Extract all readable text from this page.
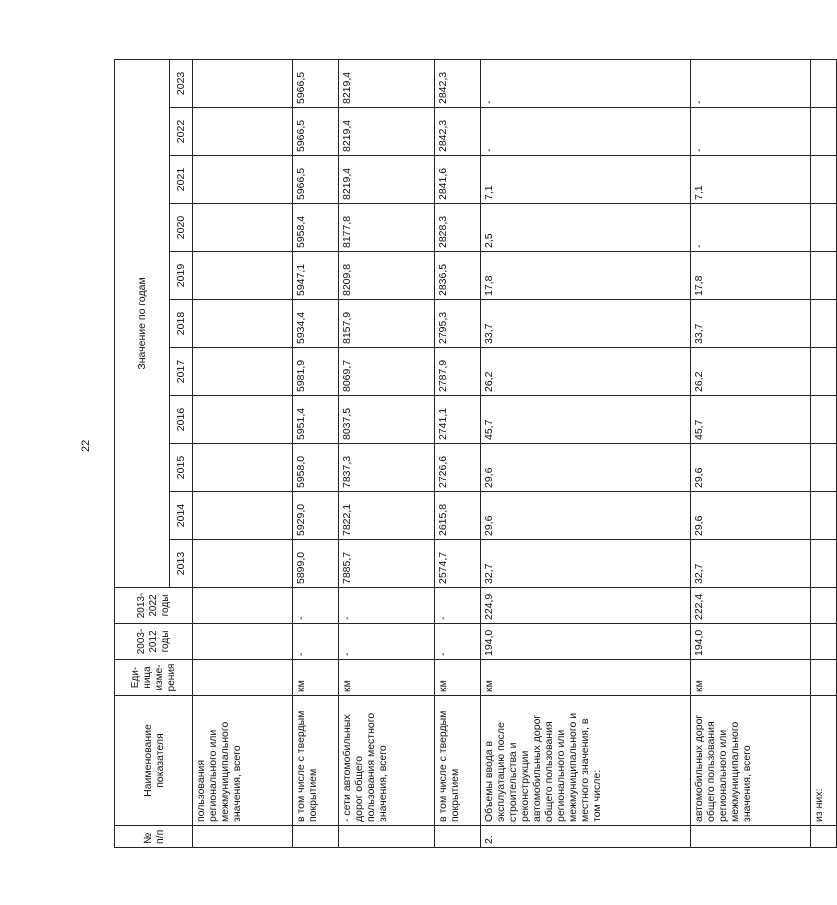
22
№ п/п	Наименование показателя	Еди-ница изме-рения	2003-2012 годы	2013-2022 годы	Значение по годам										
					2013	2014	2015	2016	2017	2018	2019	2020	2021	2022	2023
	пользования регионального или межмуниципального значения, всего														
	в том числе с твердым покрытием	км	-	-	5899,0	5929,0	5958,0	5951,4	5981,9	5934,4	5947,1	5958,4	5966,5	5966,5	5966,5
	- сети автомобильных дорог общего пользования местного значения, всего	км	-	-	7885,7	7822,1	7837,3	8037,5	8069,7	8157,9	8209,8	8177,8	8219,4	8219,4	8219,4
	в том числе с твердым покрытием	км	-	-	2574,7	2615,8	2726,6	2741,1	2787,9	2795,3	2836,5	2828,3	2841,6	2842,3	2842,3
2.	Объемы ввода в эксплуатацию после строительства и реконструкции автомобильных дорог общего пользования регионального или межмуниципального и местного значения, в том числе:	км	194,0	224,9	32,7	29,6	29,6	45,7	26,2	33,7	17,8	2,5	7,1	-	-
	автомобильных дорог общего пользования регионального или межмуниципального значения, всего	км	194,0	222,4	32,7	29,6	29,6	45,7	26,2	33,7	17,8	-	7,1	-	-
	из них:														
